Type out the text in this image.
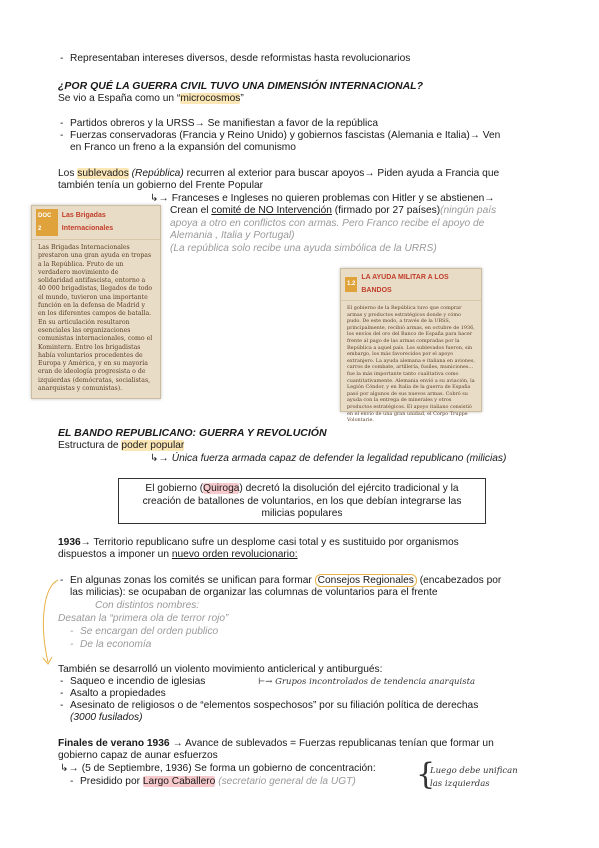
- Representaban intereses diversos, desde reformistas hasta revolucionarios
¿POR QUÉ LA GUERRA CIVIL TUVO UNA DIMENSIÓN INTERNACIONAL?
Se vio a España como un “microcosmos”
- Partidos obreros y la URSS→ Se manifiestan a favor de la república
- Fuerzas conservadoras (Francia y Reino Unido) y gobiernos fascistas (Alemania e Italia)→ Ven
en Franco un freno a la expansión del comunismo
Los sublevados (República) recurren al exterior para buscar apoyos→ Piden ayuda a Francia que
también tenía un gobierno del Frente Popular
↳→ Franceses e Ingleses no quieren problemas con Hitler y se abstienen→
Crean el comité de NO Intervención (firmado por 27 países)(ningún país
apoya a otro en conflictos con armas. Pero Franco recibe el apoyo de
Alemania , Italia y Portugal)
(La república solo recibe una ayuda simbólica de la URRS)
DOC 2
Las Brigadas Internacionales
Las Brigadas Internacionales prestaron una gran ayuda en tropas a la República. Fruto de un verdadero movimiento de solidaridad antifascista, entorno a 40 000 brigadistas, llegados de todo el mundo, tuvieron una importante función en la defensa de Madrid y en los diferentes campos de batalla. En su articulación resultaron esenciales las organizaciones comunistas internacionales, como el Komintern. Entre los brigadistas había voluntarios procedentes de Europa y América, y en su mayoría eran de ideología progresista o de izquierdas (demócratas, socialistas, anarquistas y comunistas).
1.2
LA AYUDA MILITAR A LOS BANDOS
El gobierno de la República tuvo que comprar armas y productos estratégicos donde y cómo pudo. De este modo, a través de la URSS, principalmente, recibió armas, en octubre de 1936, los envíos del oro del Banco de España para hacer frente al pago de las armas compradas por la República a aquel país. Los sublevados fueron, sin embargo, los más favorecidos por el apoyo extranjero. La ayuda alemana e italiana en aviones, carros de combate, artillería, fusiles, municiones... fue la más importante tanto cualitativa como cuantitativamente. Alemania envió a su aviación, la Legión Cóndor, y en Italia de la guerra de España pasó por algunos de sus nuevos armas. Cobró su ayuda con la entrega de minerales y otros productos estratégicos. El apoyo italiano consistió en el envío de una gran unidad, el Corpo Truppe Volontarie.
EL BANDO REPUBLICANO: GUERRA Y REVOLUCIÓN
Estructura de poder popular
↳→ Única fuerza armada capaz de defender la legalidad republicano (milicias)
El gobierno (Quiroga) decretó la disolución del ejército tradicional y la
creación de batallones de voluntarios, en los que debían integrarse las
milicias populares
1936→ Territorio republicano sufre un desplome casi total y es sustituido por organismos
dispuestos a imponer un nuevo orden revolucionario:
- En algunas zonas los comités se unifican para formar Consejos Regionales (encabezados por
las milicias): se ocupaban de organizar las columnas de voluntarios para el frente
Con distintos nombres:
Desatan la “primera ola de terror rojo”
- Se encargan del orden publico
- De la economía
También se desarrolló un violento movimiento anticlerical y antiburgués:
- Saqueo e incendio de iglesias	⊢→ Grupos incontrolados de tendencia anarquista
- Asalto a propiedades
- Asesinato de religiosos o de “elementos sospechosos” por su filiación política de derechas
(3000 fusilados)
Finales de verano 1936 → Avance de sublevados = Fuerzas republicanas tenían que formar un
gobierno capaz de aunar esfuerzos
↳→ (5 de Septiembre, 1936) Se forma un gobierno de concentración:
- Presidido por Largo Caballero (secretario general de la UGT) {
Luego debe unifican
las izquierdas
